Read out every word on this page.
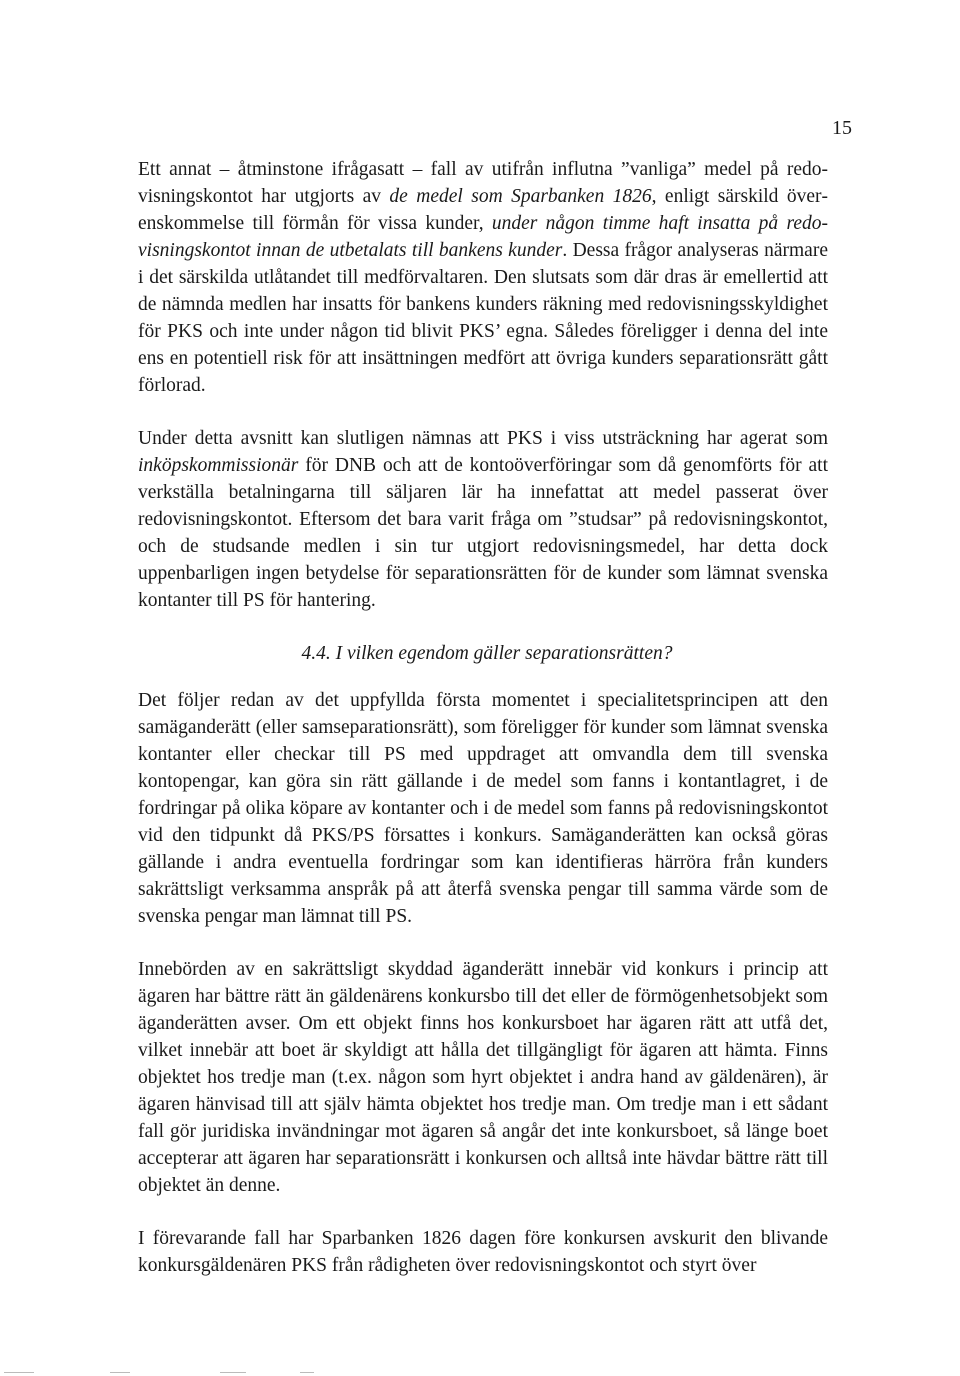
15

Ett annat – åtminstone ifrågasatt – fall av utifrån influtna ”vanliga” medel på redovisningskontot har utgjorts av de medel som Sparbanken 1826, enligt särskild överenskommelse till förmån för vissa kunder, under någon timme haft insatta på redovisningskontot innan de utbetalats till bankens kunder. Dessa frågor analyseras närmare i det särskilda utlåtandet till medförvaltaren. Den slutsats som där dras är emellertid att de nämnda medlen har insatts för bankens kunders räkning med redovisningsskyldighet för PKS och inte under någon tid blivit PKS’ egna. Således föreligger i denna del inte ens en potentiell risk för att insättningen medfört att övriga kunders separationsrätt gått förlorad.

Under detta avsnitt kan slutligen nämnas att PKS i viss utsträckning har agerat som inköpskommissionär för DNB och att de kontoöverföringar som då genomförts för att verkställa betalningarna till säljaren lär ha innefattat att medel passerat över redovisningskontot. Eftersom det bara varit fråga om ”studsar” på redovisningskontot, och de studsande medlen i sin tur utgjort redovisningsmedel, har detta dock uppenbarligen ingen betydelse för separationsrätten för de kunder som lämnat svenska kontanter till PS för hantering.

4.4. I vilken egendom gäller separationsrätten?

Det följer redan av det uppfyllda första momentet i specialitetsprincipen att den samäganderätt (eller samseparationsrätt), som föreligger för kunder som lämnat svenska kontanter eller checkar till PS med uppdraget att omvandla dem till svenska kontopengar, kan göra sin rätt gällande i de medel som fanns i kontantlagret, i de fordringar på olika köpare av kontanter och i de medel som fanns på redovisningskontot vid den tidpunkt då PKS/PS försattes i konkurs. Samäganderätten kan också göras gällande i andra eventuella fordringar som kan identifieras härröra från kunders sakrättsligt verksamma anspråk på att återfå svenska pengar till samma värde som de svenska pengar man lämnat till PS.

Innebörden av en sakrättsligt skyddad äganderätt innebär vid konkurs i princip att ägaren har bättre rätt än gäldenärens konkursbo till det eller de förmögenhetsobjekt som äganderätten avser. Om ett objekt finns hos konkursboet har ägaren rätt att utfå det, vilket innebär att boet är skyldigt att hålla det tillgängligt för ägaren att hämta. Finns objektet hos tredje man (t.ex. någon som hyrt objektet i andra hand av gäldenären), är ägaren hänvisad till att själv hämta objektet hos tredje man. Om tredje man i ett sådant fall gör juridiska invändningar mot ägaren så angår det inte konkursboet, så länge boet accepterar att ägaren har separationsrätt i konkursen och alltså inte hävdar bättre rätt till objektet än denne.

I förevarande fall har Sparbanken 1826 dagen före konkursen avskurit den blivande konkursgäldenären PKS från rådigheten över redovisningskontot och styrt över
